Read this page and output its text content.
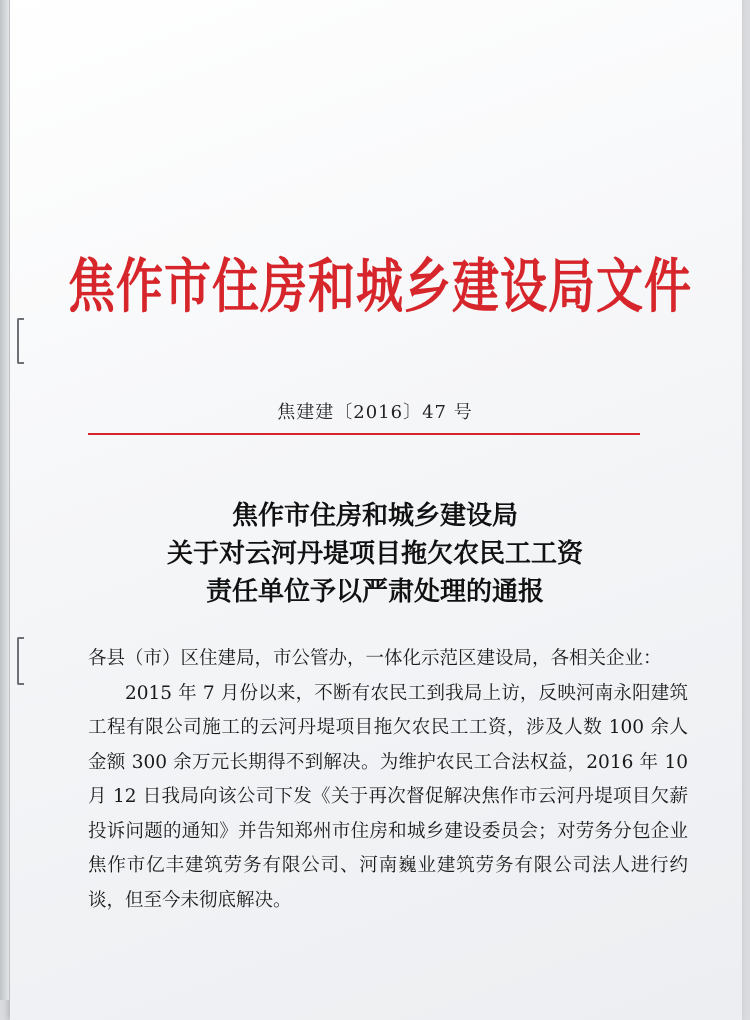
焦作市住房和城乡建设局文件
焦建建〔2016〕47 号
焦作市住房和城乡建设局
关于对云河丹堤项目拖欠农民工工资
责任单位予以严肃处理的通报

各县（市）区住建局，市公管办，一体化示范区建设局，各相关企业：

2015 年 7 月份以来，不断有农民工到我局上访，反映河南永阳建筑工程有限公司施工的云河丹堤项目拖欠农民工工资，涉及人数 100 余人金额 300 余万元长期得不到解决。为维护农民工合法权益，2016 年 10 月 12 日我局向该公司下发《关于再次督促解决焦作市云河丹堤项目欠薪投诉问题的通知》并告知郑州市住房和城乡建设委员会；对劳务分包企业焦作市亿丰建筑劳务有限公司、河南巍业建筑劳务有限公司法人进行约谈，但至今未彻底解决。
